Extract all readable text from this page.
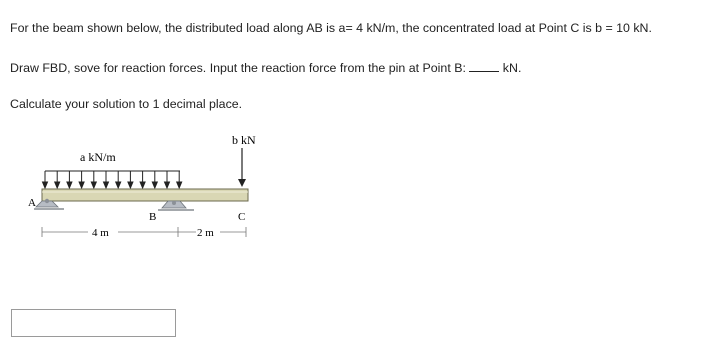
For the beam shown below, the distributed load along AB is a= 4 kN/m, the concentrated load at Point C is b = 10 kN.
Draw FBD, sove for reaction forces. Input the reaction force from the pin at Point B:  kN.
Calculate your solution to 1 decimal place.
a kN/m
b kN
A
B	C
4 m	2 m
